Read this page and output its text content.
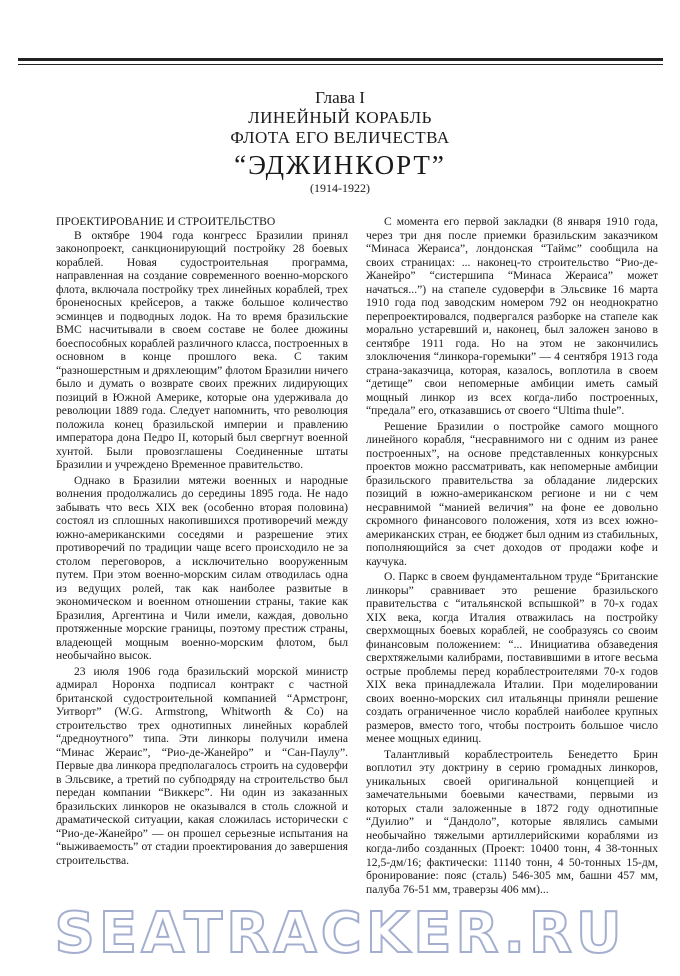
Глава I
ЛИНЕЙНЫЙ КОРАБЛЬ
ФЛОТА ЕГО ВЕЛИЧЕСТВА
“ЭДЖИНКОРТ”
(1914-1922)
ПРОЕКТИРОВАНИЕ И СТРОИТЕЛЬСТВО

В октябре 1904 года конгресс Бразилии принял законопроект, санкционирующий постройку 28 боевых кораблей. Новая судостроительная программа, направленная на создание современного военно-морского флота, включала постройку трех линейных кораблей, трех броненосных крейсеров, а также большое количество эсминцев и подводных лодок. На то время бразильские ВМС насчитывали в своем составе не более дюжины боеспособных кораблей различного класса, построенных в основном в конце прошлого века. С таким “разношерстным и дряхлеющим” флотом Бразилии ничего было и думать о возврате своих прежних лидирующих позиций в Южной Америке, которые она удерживала до революции 1889 года. Следует напомнить, что революция положила конец бразильской империи и правлению императора дона Педро II, который был свергнут военной хунтой. Были провозглашены Соединенные штаты Бразилии и учреждено Временное правительство.

Однако в Бразилии мятежи военных и народные волнения продолжались до середины 1895 года. Не надо забывать что весь XIX век (особенно вторая половина) состоял из сплошных накопившихся противоречий между южно-американскими соседями и разрешение этих противоречий по традиции чаще всего происходило не за столом переговоров, а исключительно вооруженным путем. При этом военно-морским силам отводилась одна из ведущих ролей, так как наиболее развитые в экономическом и военном отношении страны, такие как Бразилия, Аргентина и Чили имели, каждая, довольно протяженные морские границы, поэтому престиж страны, владеющей мощным военно-морским флотом, был необычайно высок.

23 июля 1906 года бразильский морской министр адмирал Норонха подписал контракт с частной британской судостроительной компанией “Армстронг, Уитворт” (W.G. Armstrong, Whitworth & Co) на строительство трех однотипных линейных кораблей “дредноутного” типа. Эти линкоры получили имена “Минас Жераис”, “Рио-де-Жанейро” и “Сан-Паулу”. Первые два линкора предполагалось строить на судоверфи в Эльсвике, а третий по субподряду на строительство был передан компании “Виккерс”. Ни один из заказанных бразильских линкоров не оказывался в столь сложной и драматической ситуации, какая сложилась исторически с “Рио-де-Жанейро” — он прошел серьезные испытания на “выживаемость” от стадии проектирования до завершения строительства.

С момента его первой закладки (8 января 1910 года, через три дня после приемки бразильским заказчиком “Минаса Жераиса”, лондонская “Таймс” сообщила на своих страницах: ... наконец-то строительство “Рио-де-Жанейро” “систершипа “Минаса Жераиса” может начаться...”) на стапеле судоверфи в Эльсвике 16 марта 1910 года под заводским номером 792 он неоднократно перепроектировался, подвергался разборке на стапеле как морально устаревший и, наконец, был заложен заново в сентябре 1911 года. Но на этом не закончились злоключения “линкора-горемыки” — 4 сентября 1913 года страна-заказчица, которая, казалось, воплотила в своем “детище” свои непомерные амбиции иметь самый мощный линкор из всех когда-либо построенных, “предала” его, отказавшись от своего “Ultima thule”.

Решение Бразилии о постройке самого мощного линейного корабля, “несравнимого ни с одним из ранее построенных”, на основе представленных конкурсных проектов можно рассматривать, как непомерные амбиции бразильского правительства за обладание лидерских позиций в южно-американском регионе и ни с чем несравнимой “манией величия” на фоне ее довольно скромного финансового положения, хотя из всех южно-американских стран, ее бюджет был одним из стабильных, пополняющийся за счет доходов от продажи кофе и каучука.

О. Паркс в своем фундаментальном труде “Британские линкоры” сравнивает это решение бразильского правительства с “итальянской вспышкой” в 70-х годах XIX века, когда Италия отважилась на постройку сверхмощных боевых кораблей, не сообразуясь со своим финансовым положением: “... Инициатива обзаведения сверхтяжелыми калибрами, поставившими в итоге весьма острые проблемы перед кораблестроителями 70-х годов XIX века принадлежала Италии. При моделировании своих военно-морских сил итальянцы приняли решение создать ограниченное число кораблей наиболее крупных размеров, вместо того, чтобы построить большое число менее мощных единиц.

Талантливый кораблестроитель Бенедетто Брин воплотил эту доктрину в серию громадных линкоров, уникальных своей оригинальной концепцией и замечательными боевыми качествами, первыми из которых стали заложенные в 1872 году однотипные “Дуилио” и “Дандоло”, которые являлись самыми необычайно тяжелыми артиллерийскими кораблями из когда-либо созданных (Проект: 10400 тонн, 4 38-тонных 12,5-дм/16; фактически: 11140 тонн, 4 50-тонных 15-дм, бронирование: пояс (сталь) 546-305 мм, башни 457 мм, палуба 76-51 мм, траверзы 406 мм)...

SEATRACKER.RU
